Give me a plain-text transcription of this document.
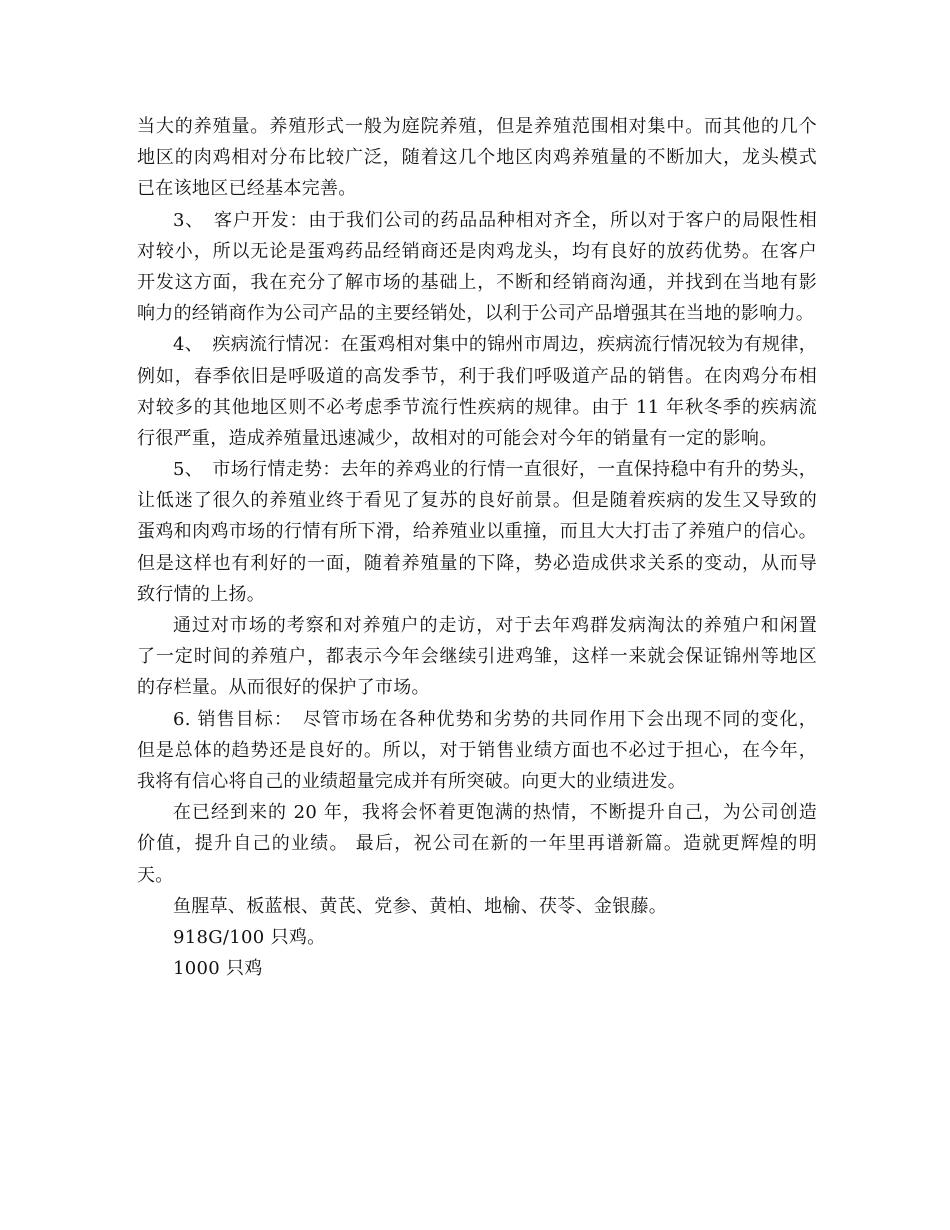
当大的养殖量。养殖形式一般为庭院养殖，但是养殖范围相对集中。而其他的几个
地区的肉鸡相对分布比较广泛，随着这几个地区肉鸡养殖量的不断加大，龙头模式
已在该地区已经基本完善。
3、　客户开发：由于我们公司的药品品种相对齐全，所以对于客户的局限性相
对较小，所以无论是蛋鸡药品经销商还是肉鸡龙头，均有良好的放药优势。在客户
开发这方面，我在充分了解市场的基础上，不断和经销商沟通，并找到在当地有影
响力的经销商作为公司产品的主要经销处，以利于公司产品增强其在当地的影响力。
4、　疾病流行情况：在蛋鸡相对集中的锦州市周边，疾病流行情况较为有规律，
例如，春季依旧是呼吸道的高发季节，利于我们呼吸道产品的销售。在肉鸡分布相
对较多的其他地区则不必考虑季节流行性疾病的规律。由于 11 年秋冬季的疾病流
行很严重，造成养殖量迅速减少，故相对的可能会对今年的销量有一定的影响。
5、　市场行情走势：去年的养鸡业的行情一直很好，一直保持稳中有升的势头，
让低迷了很久的养殖业终于看见了复苏的良好前景。但是随着疾病的发生又导致的
蛋鸡和肉鸡市场的行情有所下滑，给养殖业以重撞，而且大大打击了养殖户的信心。
但是这样也有利好的一面，随着养殖量的下降，势必造成供求关系的变动，从而导
致行情的上扬。
通过对市场的考察和对养殖户的走访，对于去年鸡群发病淘汰的养殖户和闲置
了一定时间的养殖户，都表示今年会继续引进鸡雏，这样一来就会保证锦州等地区
的存栏量。从而很好的保护了市场。
6. 销售目标：　尽管市场在各种优势和劣势的共同作用下会出现不同的变化，
但是总体的趋势还是良好的。所以，对于销售业绩方面也不必过于担心，在今年，
我将有信心将自己的业绩超量完成并有所突破。向更大的业绩进发。
在已经到来的 20 年，我将会怀着更饱满的热情，不断提升自己，为公司创造
价值，提升自己的业绩。 最后，祝公司在新的一年里再谱新篇。造就更辉煌的明
天。
鱼腥草、板蓝根、黄芪、党参、黄柏、地榆、茯苓、金银藤。
918G/100 只鸡。
1000 只鸡
